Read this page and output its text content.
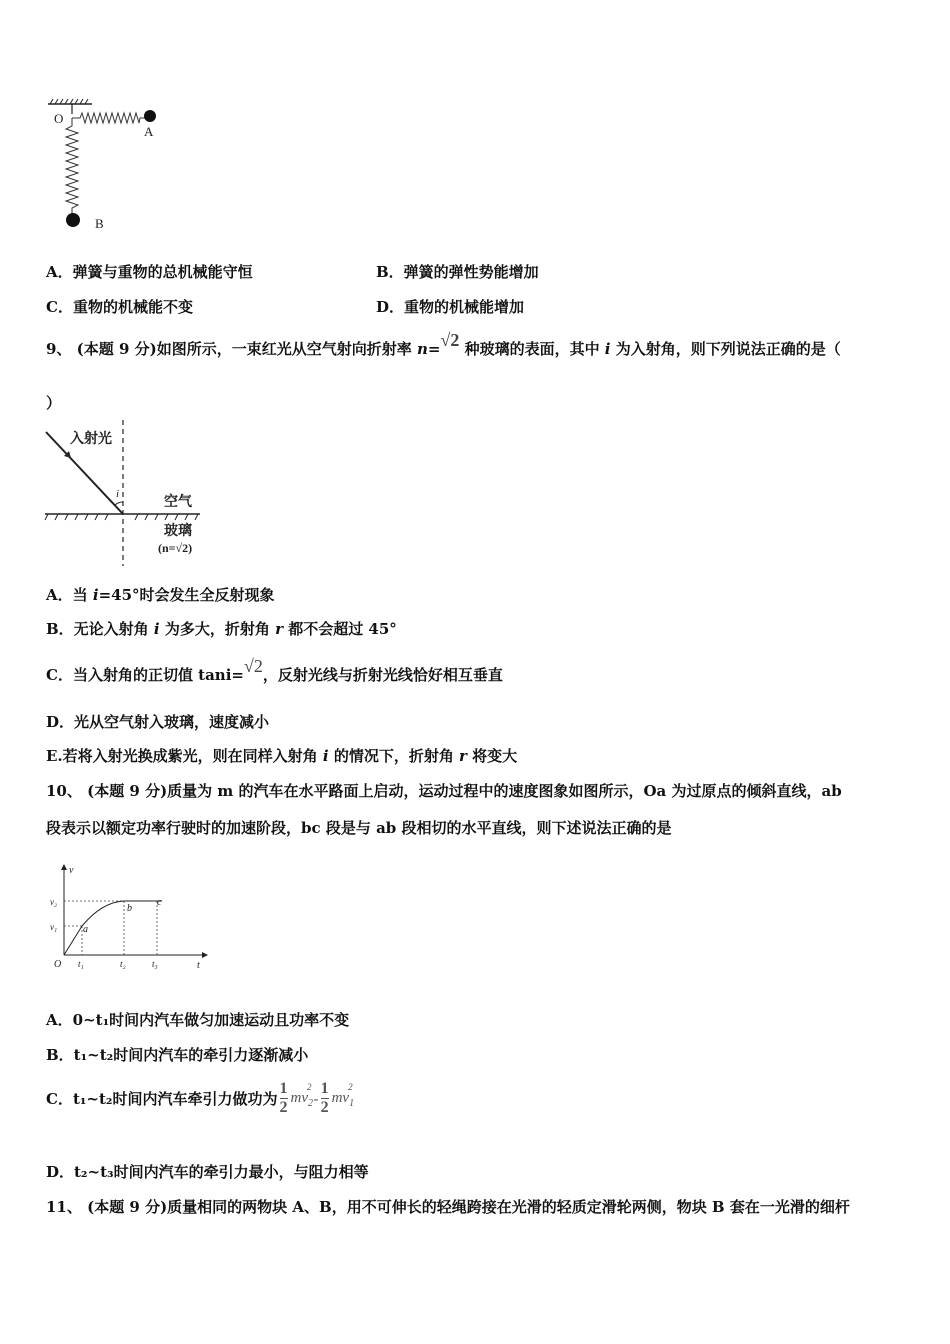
O
A
B
A．弹簧与重物的总机械能守恒	B．弹簧的弹性势能增加
C．重物的机械能不变	D．重物的机械能增加
9、 (本题 9 分)如图所示，一束红光从空气射向折射率 n=√2 种玻璃的表面，其中 i 为入射角，则下列说法正确的是（
）
入射光
i
空气
玻璃
(n=√2)
A．当 i=45°时会发生全反射现象
B．无论入射角 i 为多大，折射角 r 都不会超过 45°
C．当入射角的正切值 tani=√2，反射光线与折射光线恰好相互垂直
D．光从空气射入玻璃，速度减小
E.若将入射光换成紫光，则在同样入射角 i 的情况下，折射角 r 将变大
10、 (本题 9 分)质量为 m 的汽车在水平路面上启动，运动过程中的速度图象如图所示，Oa 为过原点的倾斜直线，ab
段表示以额定功率行驶时的加速阶段，bc 段是与 ab 段相切的水平直线，则下述说法正确的是
v
v₂
v₁
O
a
b
c
t₁	t₂	t₃	t
A．0~t₁时间内汽车做匀加速运动且功率不变
B．t₁~t₂时间内汽车的牵引力逐渐减小
C．t₁~t₂时间内汽车牵引力做功为 $\frac{1}{2} mv_2^2$
- $\frac{1}{2} mv_1^2$
D．t₂~t₃时间内汽车的牵引力最小，与阻力相等
11、 (本题 9 分)质量相同的两物块 A、B，用不可伸长的轻绳跨接在光滑的轻质定滑轮两侧，物块 B 套在一光滑的细杆
